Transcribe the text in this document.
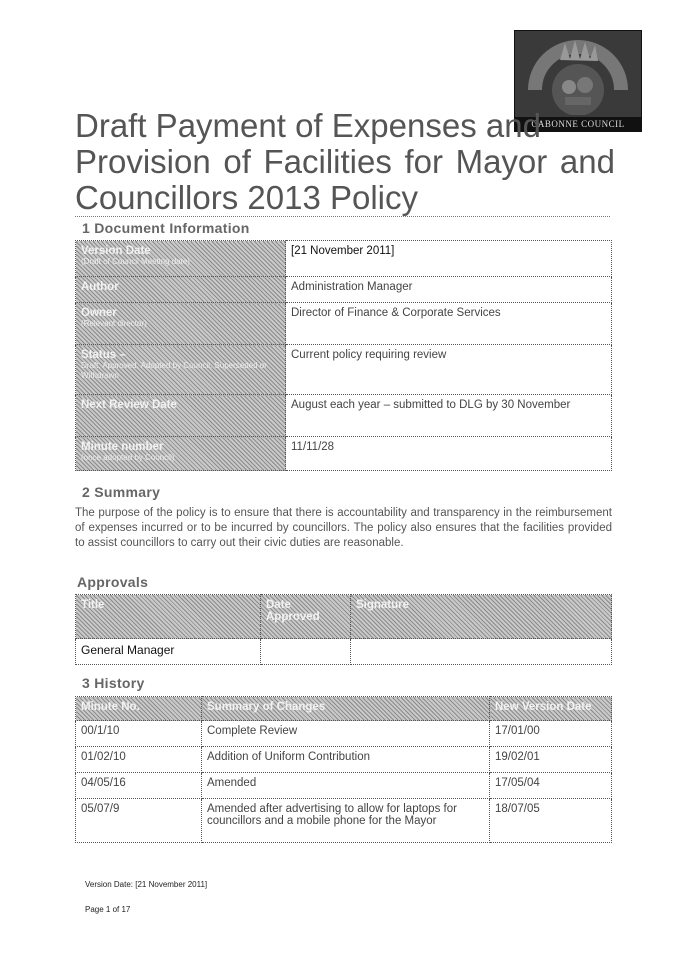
CABONNE COUNCIL
Draft Payment of Expenses and
Provision of Facilities for Mayor and
Councillors 2013 Policy
1 Document Information
Version Date
(Draft of Council Meeting date)	[21 November 2011]
Author	Administration Manager
Owner
(Relevant director)	Director of Finance & Corporate Services
Status –
Draft, Approved, Adopted by Council, Superseded or Withdrawn	Current policy requiring review
Next Review Date	August each year – submitted to DLG by 30 November
Minute number
(once adopted by Council)	11/11/28
2 Summary

The purpose of the policy is to ensure that there is accountability and transparency in the reimbursement of expenses incurred or to be incurred by councillors. The policy also ensures that the facilities provided to assist councillors to carry out their civic duties are reasonable.

Approvals
Title	Date Approved	Signature
General Manager		
3 History
Minute No.	Summary of Changes	New Version Date
00/1/10	Complete Review	17/01/00
01/02/10	Addition of Uniform Contribution	19/02/01
04/05/16	Amended	17/05/04
05/07/9	Amended after advertising to allow for laptops for councillors and a mobile phone for the Mayor	18/07/05
Version Date: [21 November 2011]
Page 1 of 17
